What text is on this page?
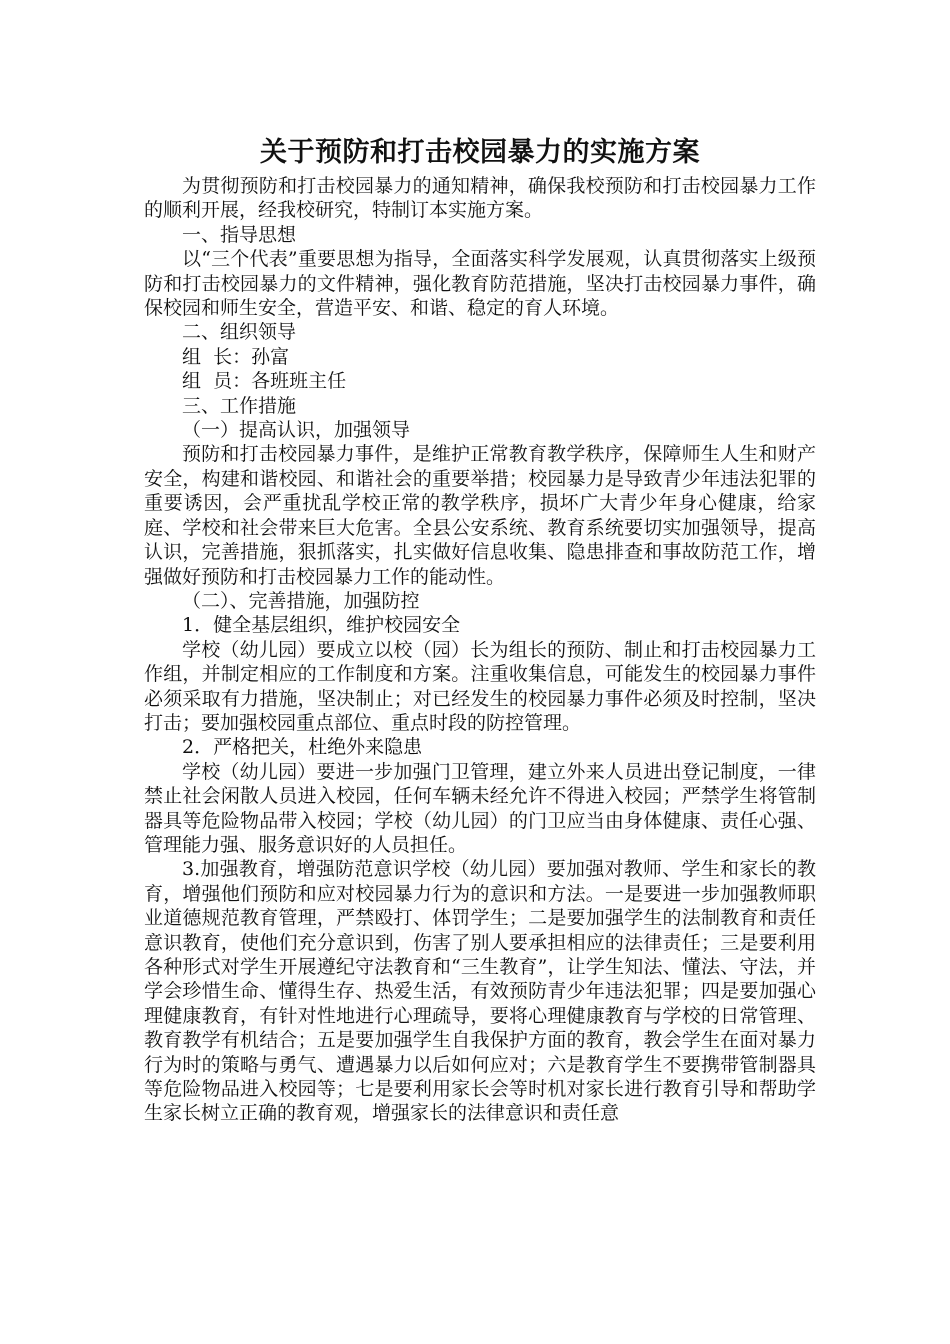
关于预防和打击校园暴力的实施方案

为贯彻预防和打击校园暴力的通知精神，确保我校预防和打击校园暴力工作的顺利开展，经我校研究，特制订本实施方案。

一、指导思想

以“三个代表”重要思想为指导，全面落实科学发展观，认真贯彻落实上级预防和打击校园暴力的文件精神，强化教育防范措施，坚决打击校园暴力事件，确保校园和师生安全，营造平安、和谐、稳定的育人环境。

二、组织领导

组  长：孙富

组  员：各班班主任

三、工作措施

（一）提高认识，加强领导

预防和打击校园暴力事件，是维护正常教育教学秩序，保障师生人生和财产安全，构建和谐校园、和谐社会的重要举措；校园暴力是导致青少年违法犯罪的重要诱因，会严重扰乱学校正常的教学秩序，损坏广大青少年身心健康，给家庭、学校和社会带来巨大危害。全县公安系统、教育系统要切实加强领导，提高认识，完善措施，狠抓落实，扎实做好信息收集、隐患排查和事故防范工作，增强做好预防和打击校园暴力工作的能动性。

（二）、完善措施，加强防控

1．健全基层组织，维护校园安全

学校（幼儿园）要成立以校（园）长为组长的预防、制止和打击校园暴力工作组，并制定相应的工作制度和方案。注重收集信息，可能发生的校园暴力事件必须采取有力措施，坚决制止；对已经发生的校园暴力事件必须及时控制，坚决打击；要加强校园重点部位、重点时段的防控管理。

2．严格把关，杜绝外来隐患

学校（幼儿园）要进一步加强门卫管理，建立外来人员进出登记制度，一律禁止社会闲散人员进入校园，任何车辆未经允许不得进入校园；严禁学生将管制器具等危险物品带入校园；学校（幼儿园）的门卫应当由身体健康、责任心强、管理能力强、服务意识好的人员担任。

3.加强教育，增强防范意识学校（幼儿园）要加强对教师、学生和家长的教育，增强他们预防和应对校园暴力行为的意识和方法。一是要进一步加强教师职业道德规范教育管理，严禁殴打、体罚学生；二是要加强学生的法制教育和责任意识教育，使他们充分意识到，伤害了别人要承担相应的法律责任；三是要利用各种形式对学生开展遵纪守法教育和“三生教育”，让学生知法、懂法、守法，并学会珍惜生命、懂得生存、热爱生活，有效预防青少年违法犯罪；四是要加强心理健康教育，有针对性地进行心理疏导，要将心理健康教育与学校的日常管理、教育教学有机结合；五是要加强学生自我保护方面的教育，教会学生在面对暴力行为时的策略与勇气、遭遇暴力以后如何应对；六是教育学生不要携带管制器具等危险物品进入校园等；七是要利用家长会等时机对家长进行教育引导和帮助学生家长树立正确的教育观，增强家长的法律意识和责任意
